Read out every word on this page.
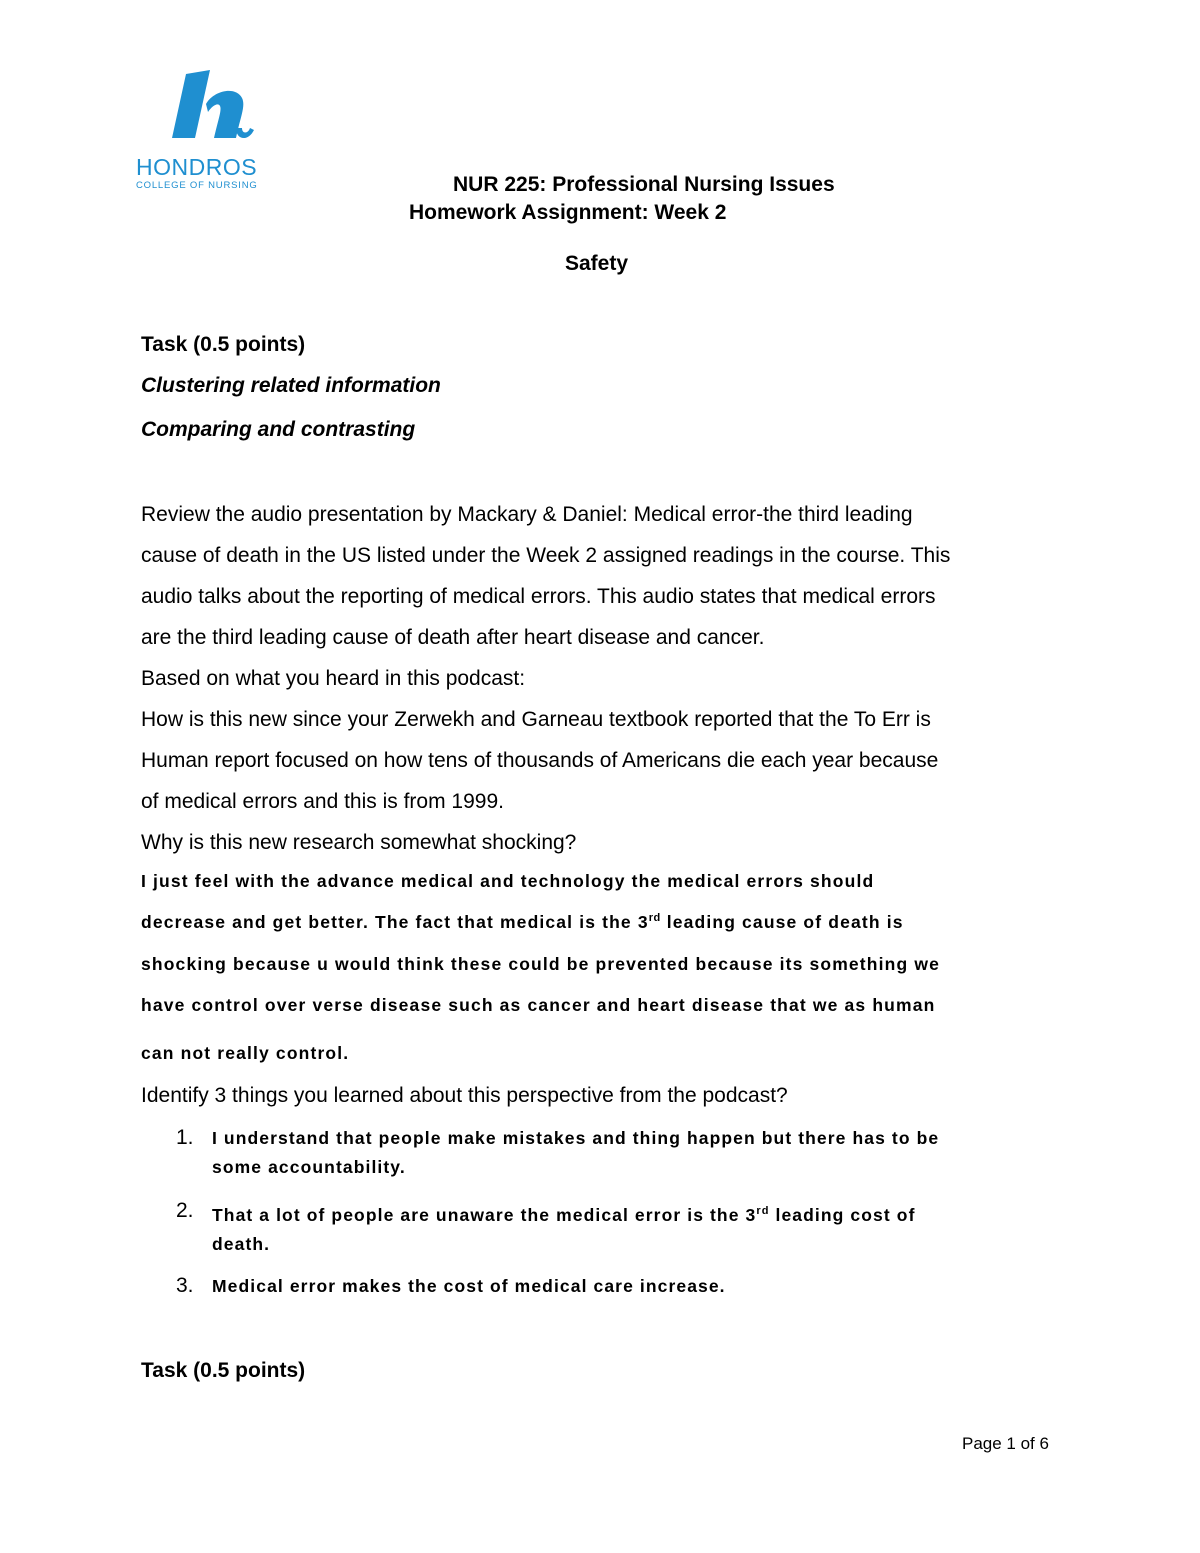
HONDROS
COLLEGE OF NURSING	NUR 225: Professional Nursing Issues
Homework Assignment: Week 2
Safety
Task (0.5 points)
Clustering related information
Comparing and contrasting
Review the audio presentation by Mackary & Daniel: Medical error-the third leading
cause of death in the US listed under the Week 2 assigned readings in the course. This
audio talks about the reporting of medical errors. This audio states that medical errors
are the third leading cause of death after heart disease and cancer.
Based on what you heard in this podcast:
How is this new since your Zerwekh and Garneau textbook reported that the To Err is
Human report focused on how tens of thousands of Americans die each year because
of medical errors and this is from 1999.
Why is this new research somewhat shocking?
I just feel with the advance medical and technology the medical errors should
decrease and get better. The fact that medical is the 3rd leading cause of death is
shocking because u would think these could be prevented because its something we
have control over verse disease such as cancer and heart disease that we as human
can not really control.
Identify 3 things you learned about this perspective from the podcast?
1. I understand that people make mistakes and thing happen but there has to be
some accountability.
2. That a lot of people are unaware the medical error is the 3rd leading cost of
death.
3. Medical error makes the cost of medical care increase.
Task (0.5 points)
Page 1 of 6
